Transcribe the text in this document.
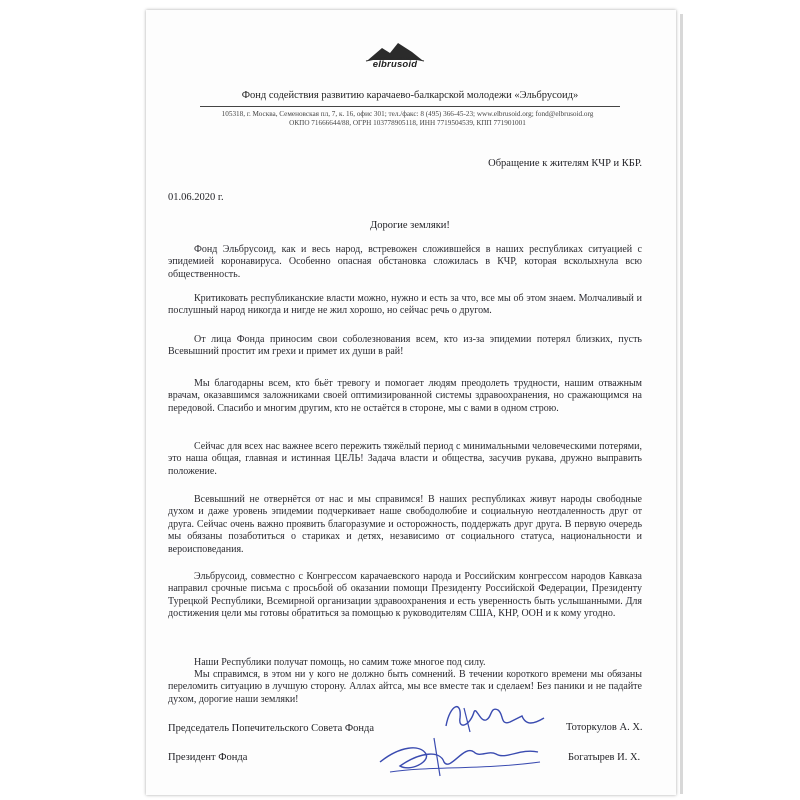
elbrusoid
Фонд содействия развитию карачаево-балкарской молодежи «Эльбрусоид»
105318, г. Москва, Семеновская пл, 7, к. 16, офис 301; тел./факс: 8 (495) 366-45-23; www.elbrusoid.org; fond@elbrusoid.org
ОКПО 71666644/88, ОГРН 103778905118, ИНН 7719504539, КПП 771901001
Обращение к жителям КЧР и КБР.
01.06.2020 г.
Дорогие земляки!
Фонд Эльбрусоид, как и весь народ, встревожен сложившейся в наших республиках ситуацией с эпидемией коронавируса. Особенно опасная обстановка сложилась в КЧР, которая всколыхнула всю общественность.
Критиковать республиканские власти можно, нужно и есть за что, все мы об этом знаем. Молчаливый и послушный народ никогда и нигде не жил хорошо, но сейчас речь о другом.
От лица Фонда приносим свои соболезнования всем, кто из-за эпидемии потерял близких, пусть Всевышний простит им грехи и примет их души в рай!
Мы благодарны всем, кто бьёт тревогу и помогает людям преодолеть трудности, нашим отважным врачам, оказавшимся заложниками своей оптимизированной системы здравоохранения, но сражающимся на передовой. Спасибо и многим другим, кто не остаётся в стороне, мы с вами в одном строю.
Сейчас для всех нас важнее всего пережить тяжёлый период с минимальными человеческими потерями, это наша общая, главная и истинная ЦЕЛЬ! Задача власти и общества, засучив рукава, дружно выправить положение.
Всевышний не отвернётся от нас и мы справимся! В наших республиках живут народы свободные духом и даже уровень эпидемии подчеркивает наше свободолюбие и социальную неотдаленность друг от друга. Сейчас очень важно проявить благоразумие и осторожность, поддержать друг друга. В первую очередь мы обязаны позаботиться о стариках и детях, независимо от социального статуса, национальности и вероисповедания.
Эльбрусоид, совместно с Конгрессом карачаевского народа и Российским конгрессом народов Кавказа направил срочные письма с просьбой об оказании помощи Президенту Российской Федерации, Президенту Турецкой Республики, Всемирной организации здравоохранения и есть уверенность быть услышанными. Для достижения цели мы готовы обратиться за помощью к руководителям США, КНР, ООН и к кому угодно.
Наши Республики получат помощь, но самим тоже многое под силу.
Мы справимся, в этом ни у кого не должно быть сомнений. В течении короткого времени мы обязаны переломить ситуацию в лучшую сторону. Аллах айтса, мы все вместе так и сделаем! Без паники и не падайте духом, дорогие наши земляки!
Председатель Попечительского Совета Фонда	Тоторкулов А. Х.
Президент Фонда	Богатырев И. Х.
